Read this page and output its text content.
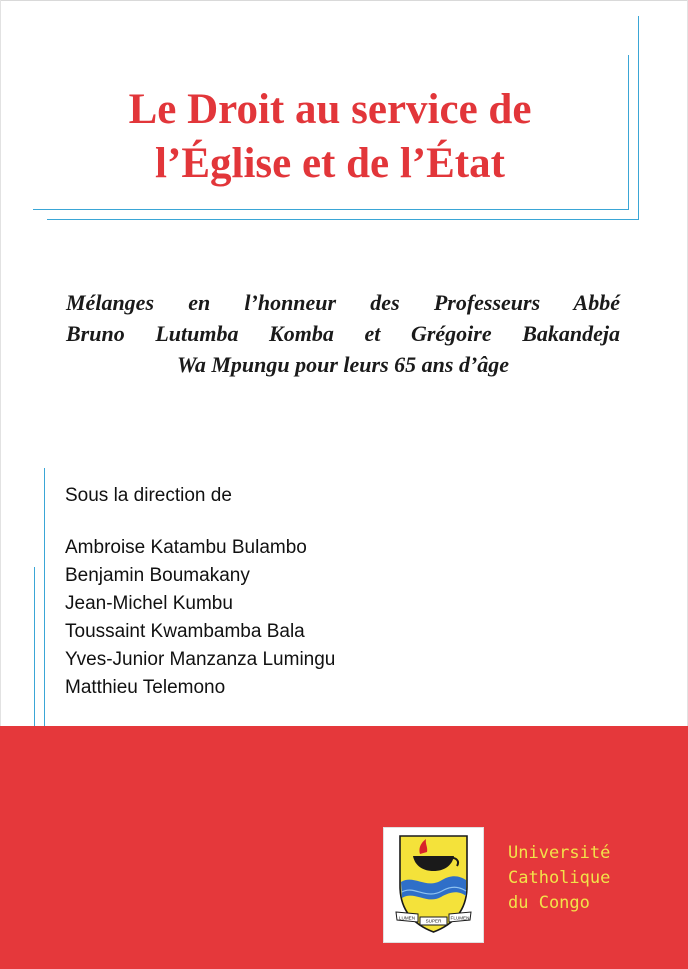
Le Droit au service de
l’Église et de l’État

Mélanges en l’honneur des Professeurs Abbé
Bruno Lutumba Komba et Grégoire Bakandeja
Wa Mpungu pour leurs 65 ans d’âge

Sous la direction de

Ambroise Katambu Bulambo
Benjamin Boumakany
Jean-Michel Kumbu
Toussaint Kwambamba Bala
Yves-Junior Manzanza Lumingu
Matthieu Telemono
LUMEN
SUPER
FLUMEN

Université
Catholique
du Congo
